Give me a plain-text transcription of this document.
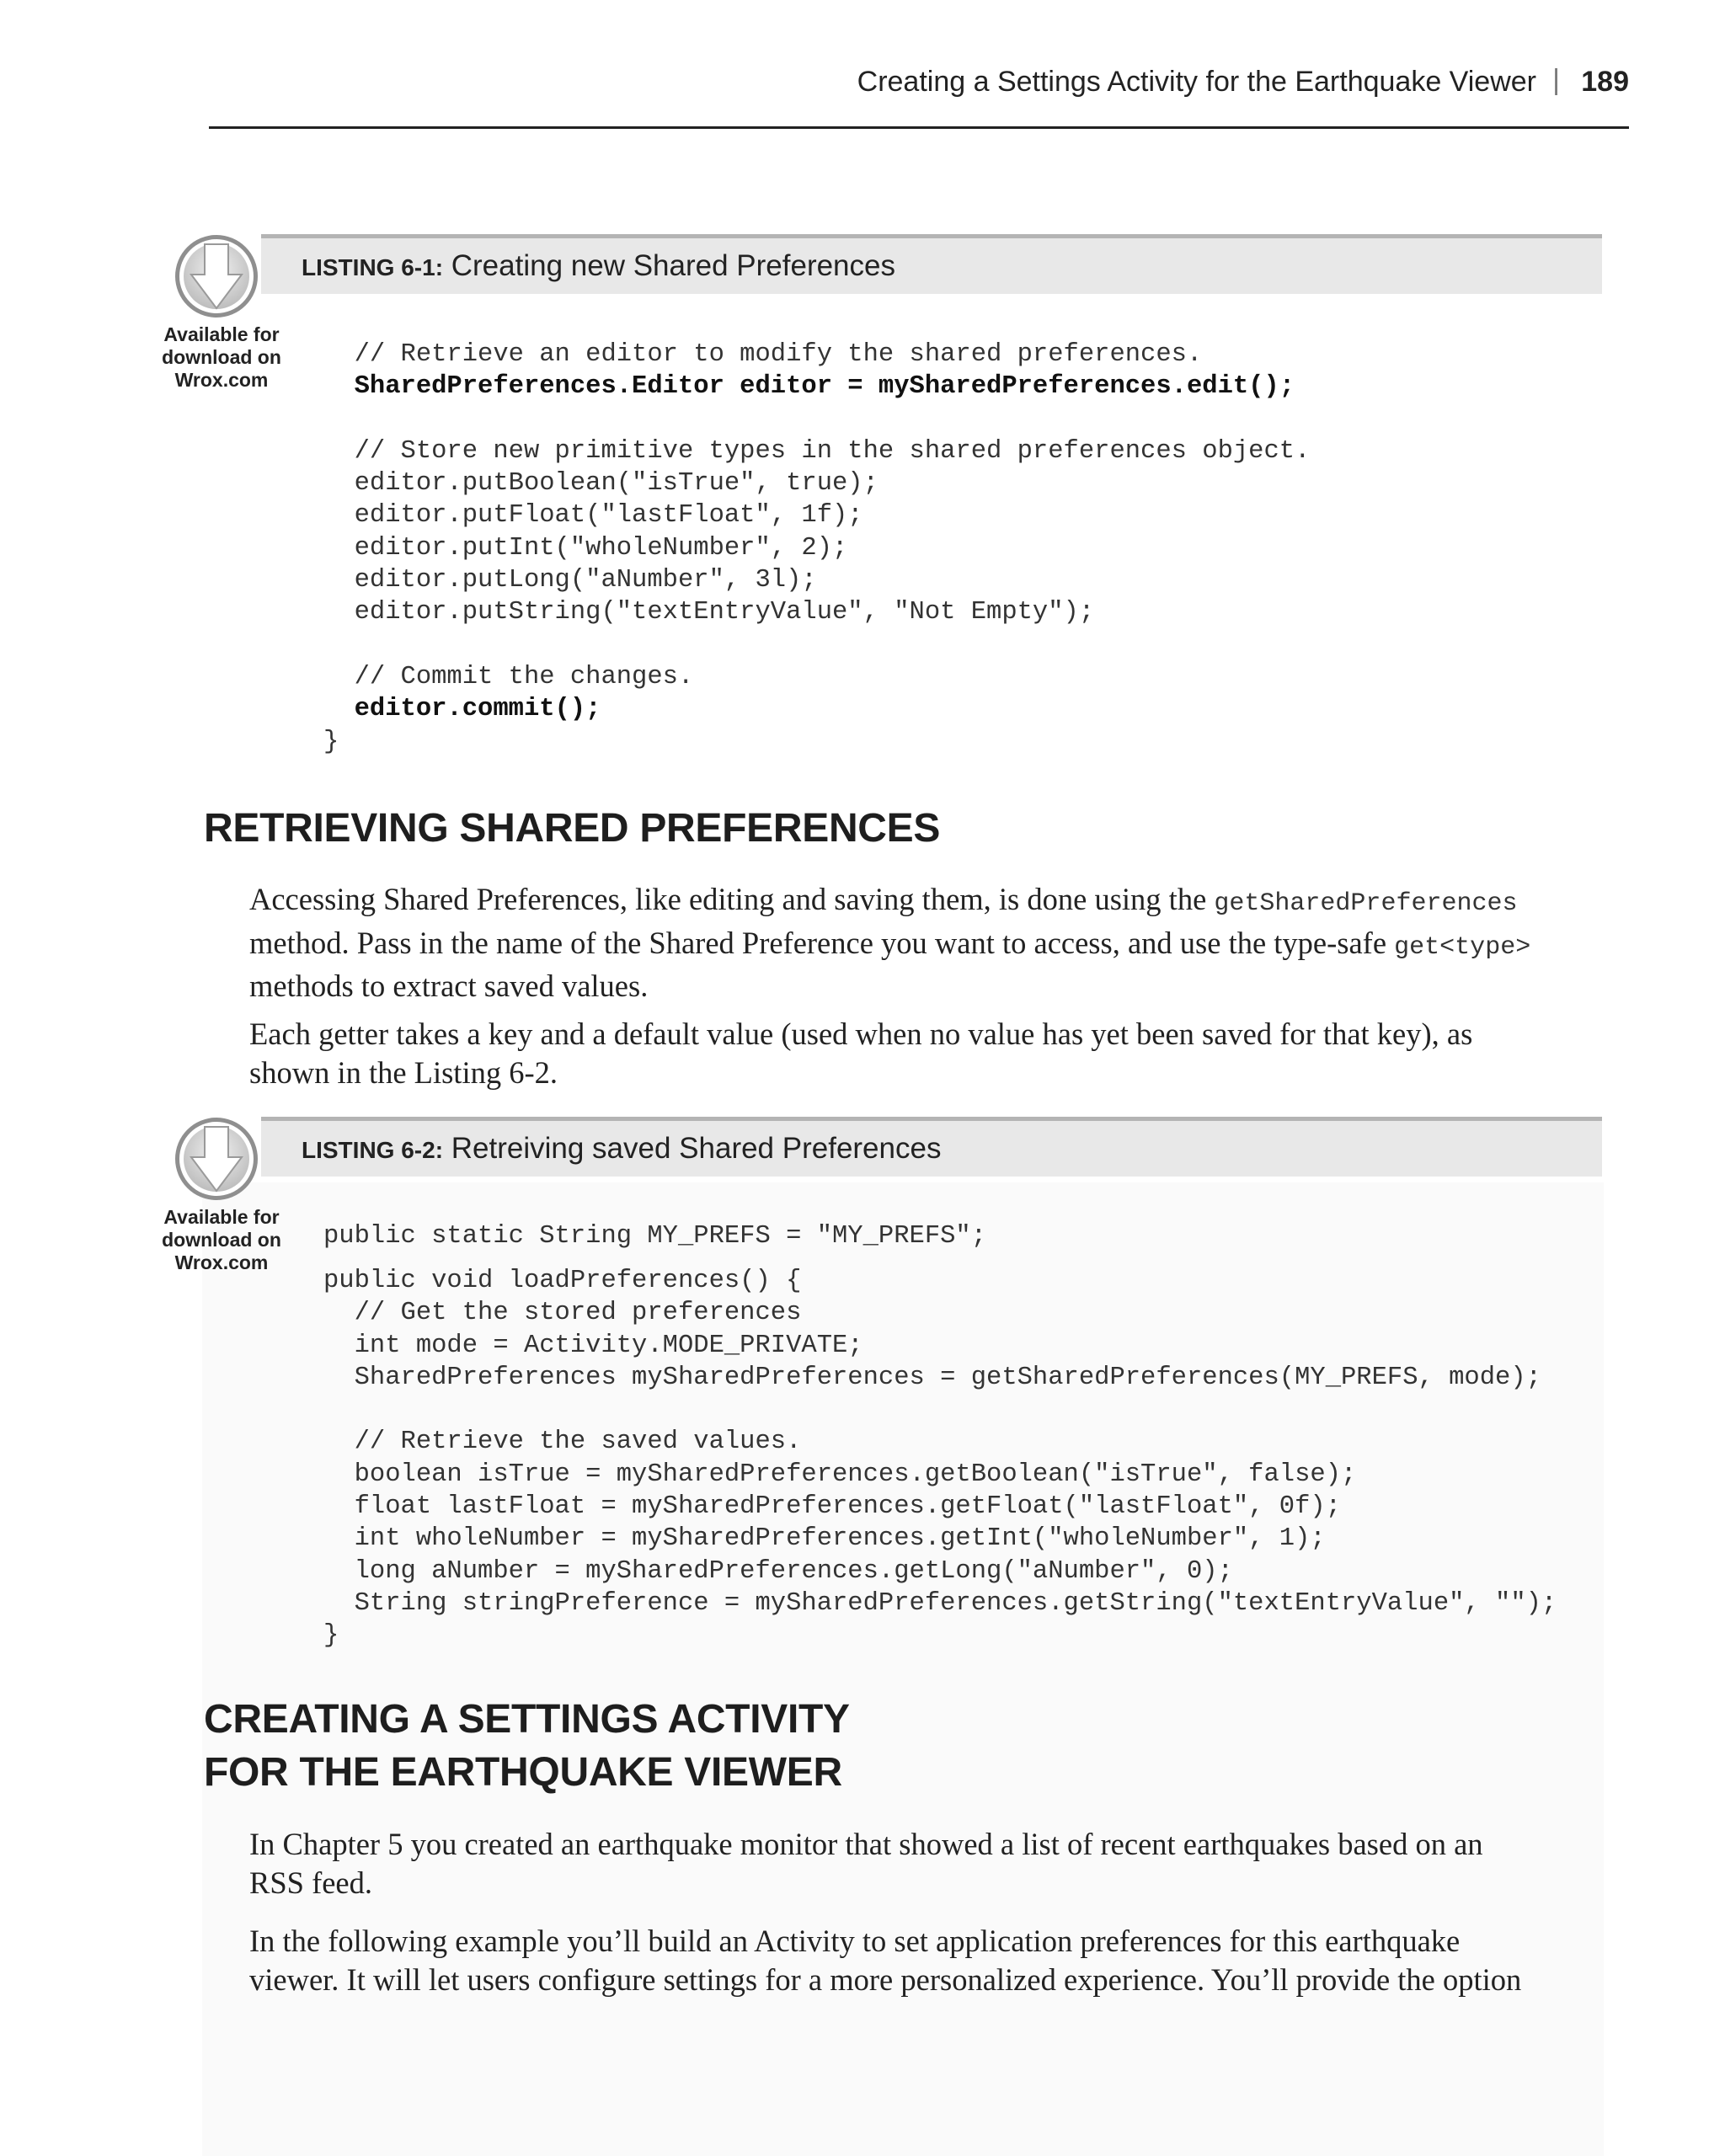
Creating a Settings Activity for the Earthquake Viewer | 189
LISTING 6-1: Creating new Shared Preferences
Available for
download on
Wrox.com
// Retrieve an editor to modify the shared preferences.
SharedPreferences.Editor editor = mySharedPreferences.edit();

// Store new primitive types in the shared preferences object.
editor.putBoolean("isTrue", true);
editor.putFloat("lastFloat", 1f);
editor.putInt("wholeNumber", 2);
editor.putLong("aNumber", 3l);
editor.putString("textEntryValue", "Not Empty");

// Commit the changes.
editor.commit();
}
RETRIEVING SHARED PREFERENCES

Accessing Shared Preferences, like editing and saving them, is done using the getSharedPreferences
method. Pass in the name of the Shared Preference you want to access, and use the type-safe get<type>
methods to extract saved values.

Each getter takes a key and a default value (used when no value has yet been saved for that key), as
shown in the Listing 6-2.

LISTING 6-2: Retreiving saved Shared Preferences
Available for
download on
Wrox.com
public static String MY_PREFS = "MY_PREFS";
public void loadPreferences() {
// Get the stored preferences
int mode = Activity.MODE_PRIVATE;
SharedPreferences mySharedPreferences = getSharedPreferences(MY_PREFS, mode);

// Retrieve the saved values.
boolean isTrue = mySharedPreferences.getBoolean("isTrue", false);
float lastFloat = mySharedPreferences.getFloat("lastFloat", 0f);
int wholeNumber = mySharedPreferences.getInt("wholeNumber", 1);
long aNumber = mySharedPreferences.getLong("aNumber", 0);
String stringPreference = mySharedPreferences.getString("textEntryValue", "");
}
CREATING A SETTINGS ACTIVITY
FOR THE EARTHQUAKE VIEWER

In Chapter 5 you created an earthquake monitor that showed a list of recent earthquakes based on an
RSS feed.

In the following example you’ll build an Activity to set application preferences for this earthquake
viewer. It will let users configure settings for a more personalized experience. You’ll provide the option
